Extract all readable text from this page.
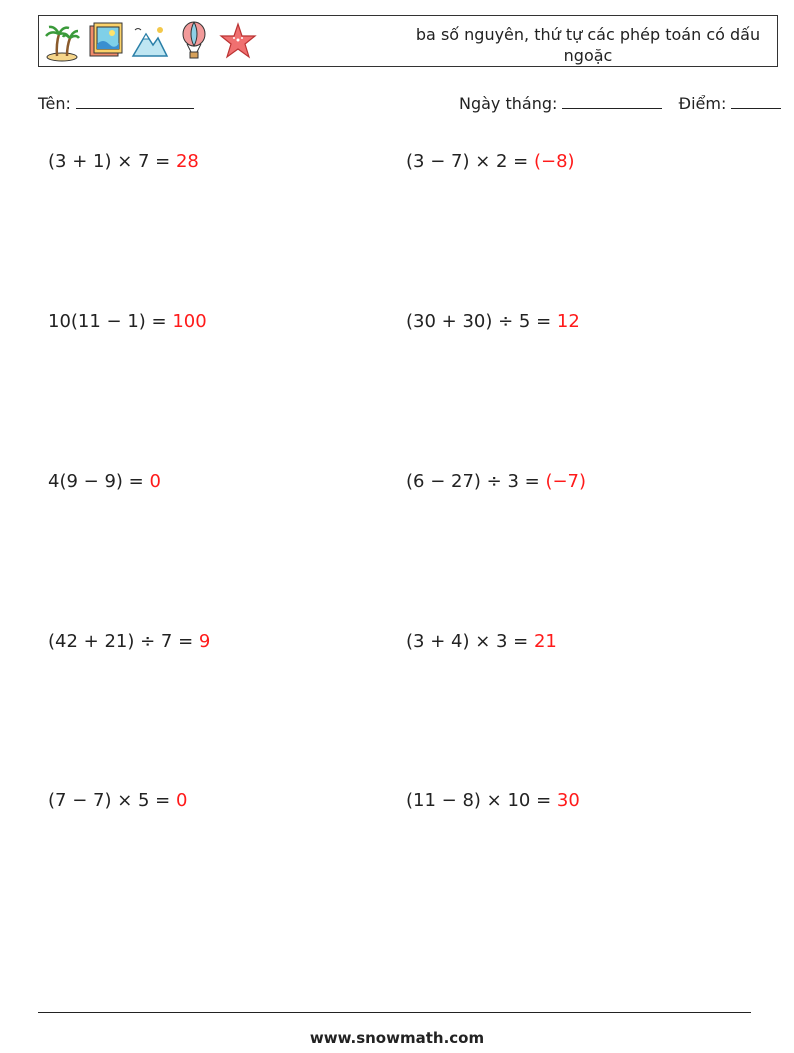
ba số nguyên, thứ tự các phép toán có dấu ngoặc
Tên:	Ngày tháng:	Điểm:
(3 + 1) × 7 = 28	(3 − 7) × 2 = (−8)
10(11 − 1) = 100	(30 + 30) ÷ 5 = 12
4(9 − 9) = 0	(6 − 27) ÷ 3 = (−7)
(42 + 21) ÷ 7 = 9	(3 + 4) × 3 = 21
(7 − 7) × 5 = 0	(11 − 8) × 10 = 30
www.snowmath.com
